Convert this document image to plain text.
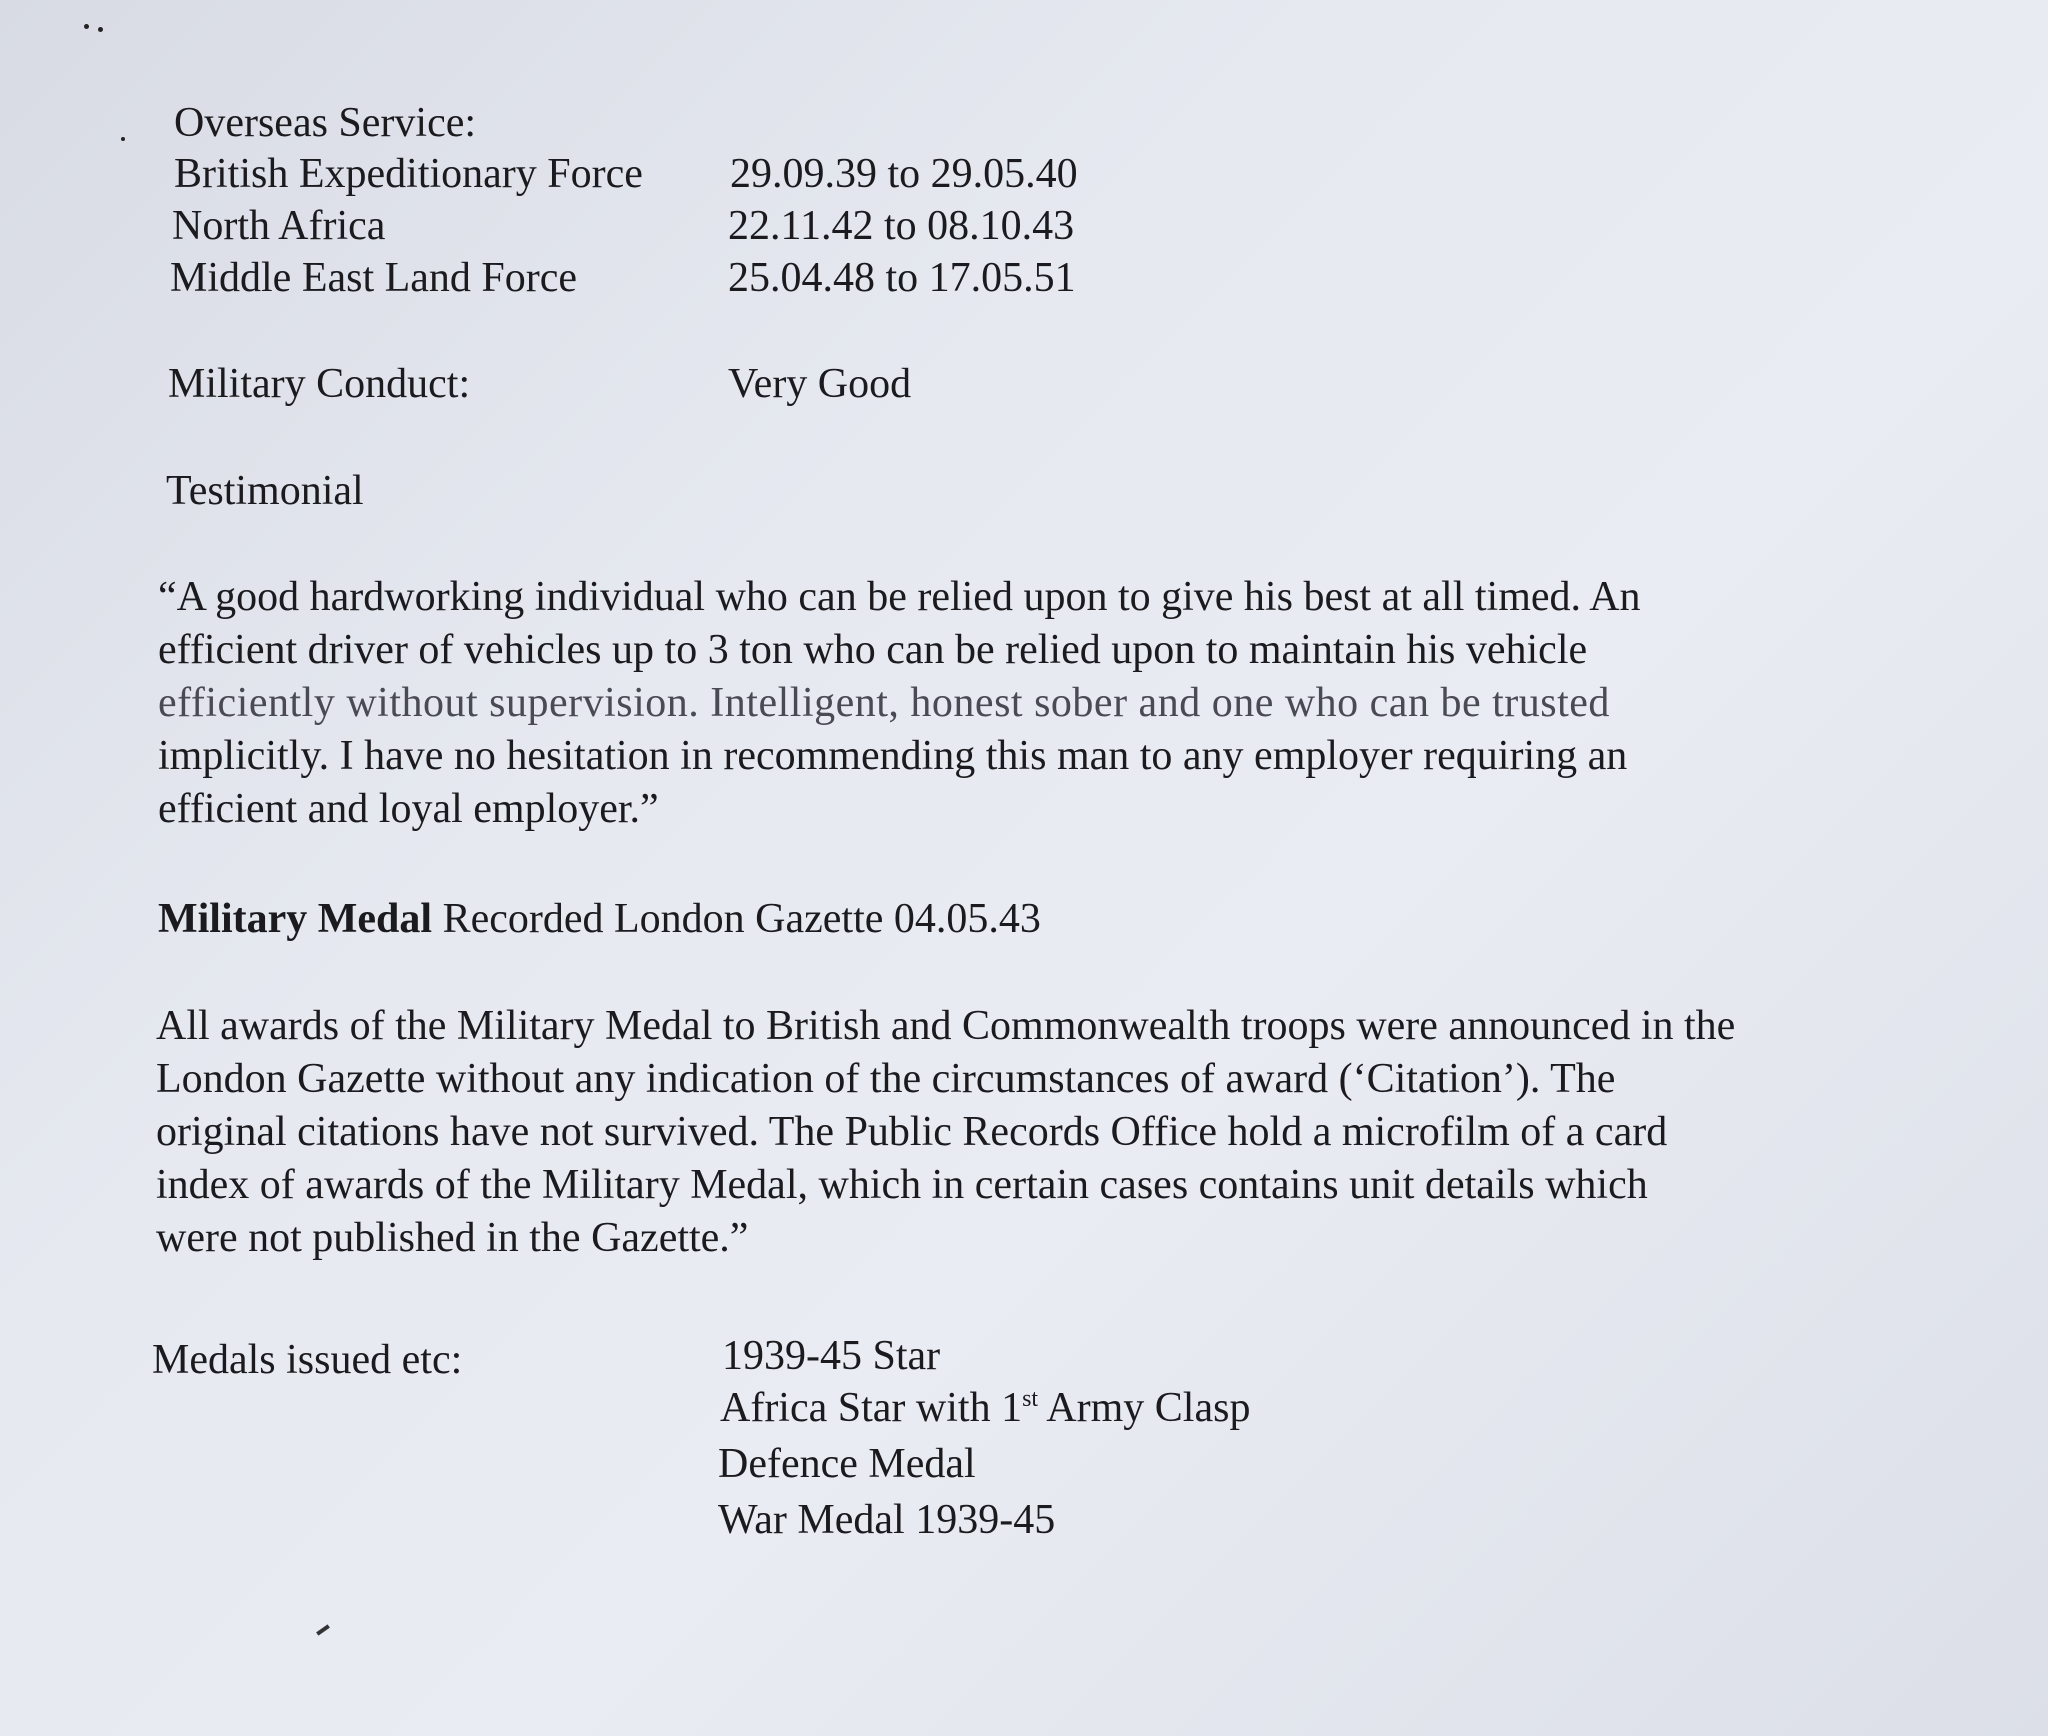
Overseas Service:
British Expeditionary Force 29.09.39 to 29.05.40
North Africa	22.11.42 to 08.10.43
Middle East Land Force	25.04.48 to 17.05.51
Military Conduct:	Very Good
Testimonial
“A good hardworking individual who can be relied upon to give his best at all timed. An
efficient driver of vehicles up to 3 ton who can be relied upon to maintain his vehicle
efficiently without supervision. Intelligent, honest sober and one who can be trusted
implicitly. I have no hesitation in recommending this man to any employer requiring an
efficient and loyal employer.”
Military Medal Recorded London Gazette 04.05.43
All awards of the Military Medal to British and Commonwealth troops were announced in the
London Gazette without any indication of the circumstances of award (‘Citation’). The
original citations have not survived. The Public Records Office hold a microfilm of a card
index of awards of the Military Medal, which in certain cases contains unit details which
were not published in the Gazette.”
Medals issued etc:	1939-45 Star
Africa Star with 1st Army Clasp
Defence Medal
War Medal 1939-45
